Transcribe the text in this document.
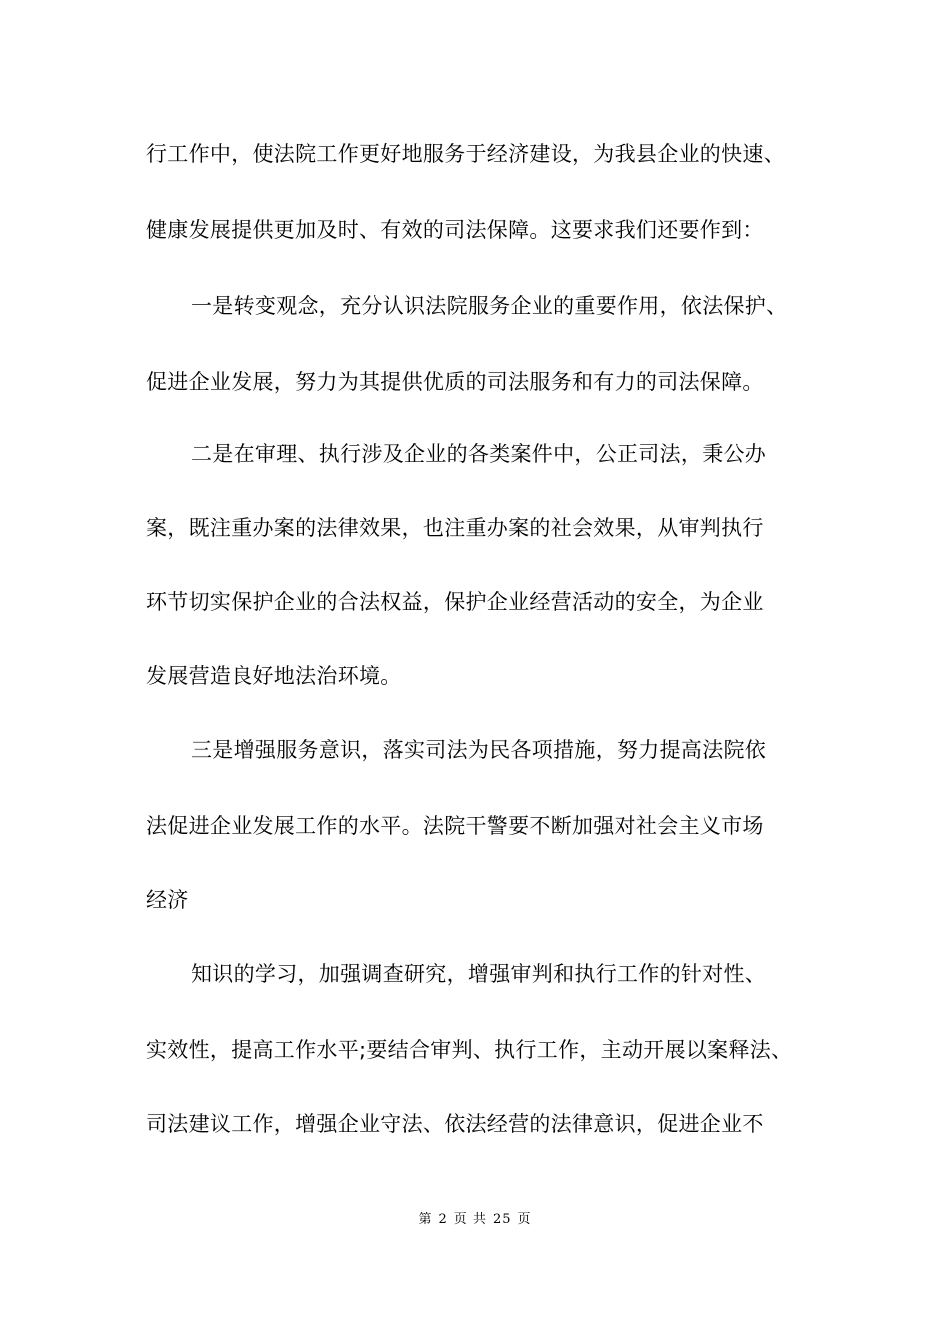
行工作中，使法院工作更好地服务于经济建设，为我县企业的快速、
健康发展提供更加及时、有效的司法保障。这要求我们还要作到：
一是转变观念，充分认识法院服务企业的重要作用，依法保护、
促进企业发展，努力为其提供优质的司法服务和有力的司法保障。
二是在审理、执行涉及企业的各类案件中，公正司法，秉公办
案，既注重办案的法律效果，也注重办案的社会效果，从审判执行
环节切实保护企业的合法权益，保护企业经营活动的安全，为企业
发展营造良好地法治环境。
三是增强服务意识，落实司法为民各项措施，努力提高法院依
法促进企业发展工作的水平。法院干警要不断加强对社会主义市场
经济
知识的学习，加强调查研究，增强审判和执行工作的针对性、
实效性，提高工作水平;要结合审判、执行工作，主动开展以案释法、
司法建议工作，增强企业守法、依法经营的法律意识，促进企业不
第 2 页 共 25 页
